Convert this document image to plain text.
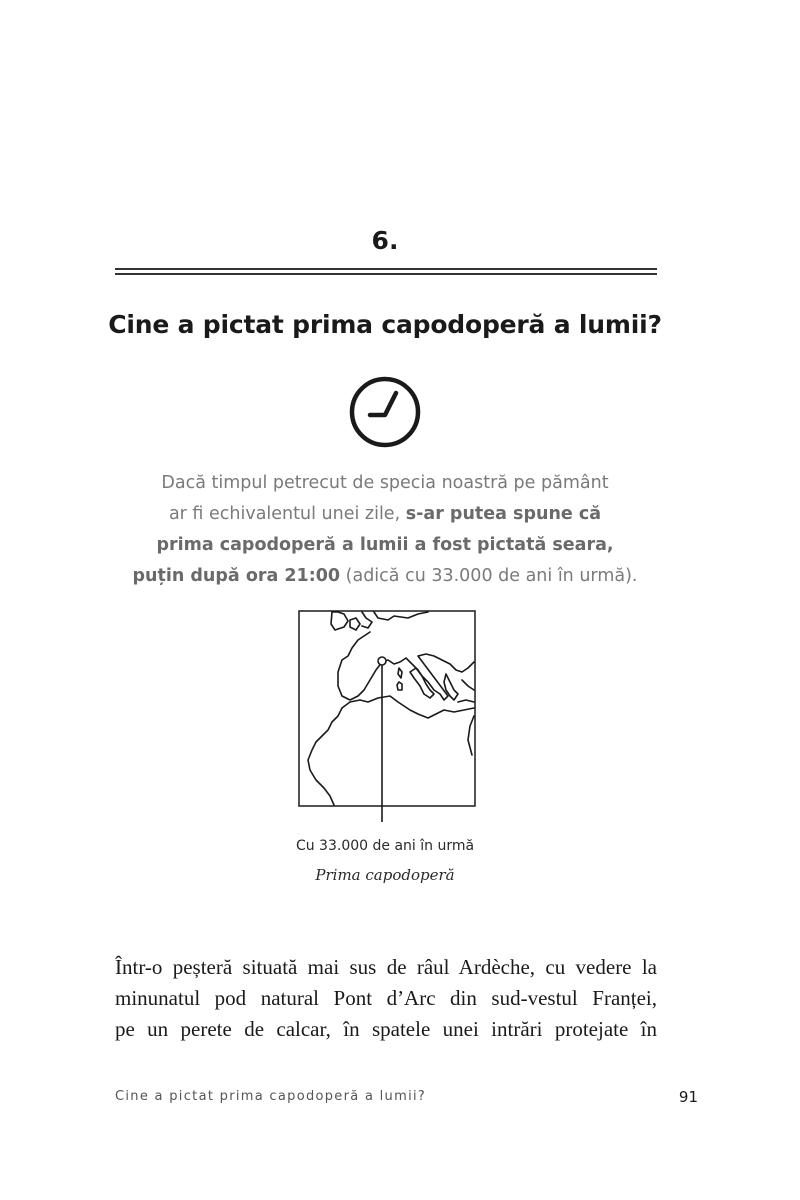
6.
Cine a pictat prima capodoperă a lumii?
Dacă timpul petrecut de specia noastră pe pământ
ar fi echivalentul unei zile, s-ar putea spune că
prima capodoperă a lumii a fost pictată seara,
puțin după ora 21:00 (adică cu 33.000 de ani în urmă).
Cu 33.000 de ani în urmă
Prima capodoperă
Într-o peșteră situată mai sus de râul Ardèche, cu vedere la
minunatul pod natural Pont d’Arc din sud-vestul Franței,
pe un perete de calcar, în spatele unei intrări protejate în
Cine a pictat prima capodoperă a lumii?	91
